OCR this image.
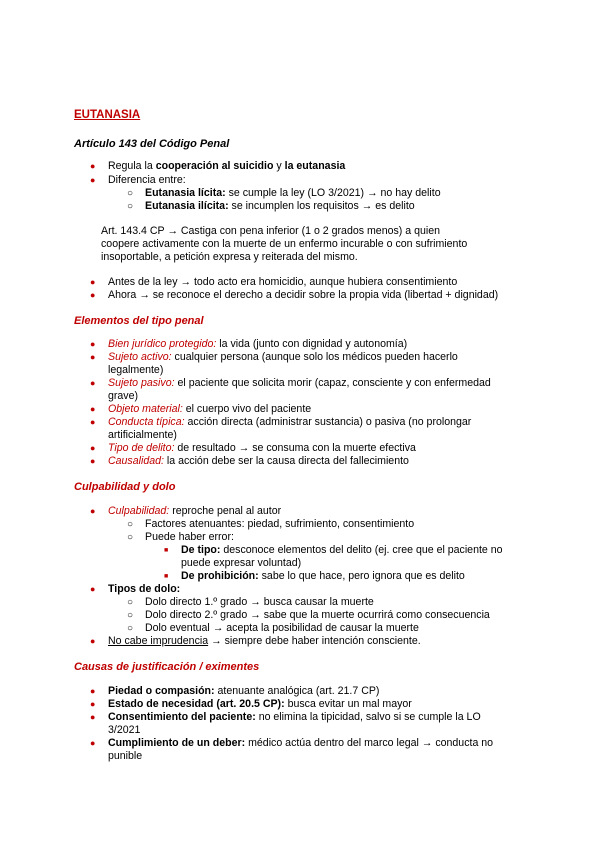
EUTANASIA
Artículo 143 del Código Penal
● Regula la cooperación al suicidio y la eutanasia
● Diferencia entre:
○ Eutanasia lícita: se cumple la ley (LO 3/2021) → no hay delito
○ Eutanasia ilícita: se incumplen los requisitos → es delito
Art. 143.4 CP → Castiga con pena inferior (1 o 2 grados menos) a quien
coopere activamente con la muerte de un enfermo incurable o con sufrimiento
insoportable, a petición expresa y reiterada del mismo.
● Antes de la ley → todo acto era homicidio, aunque hubiera consentimiento
● Ahora → se reconoce el derecho a decidir sobre la propia vida (libertad + dignidad)
Elementos del tipo penal
● Bien jurídico protegido: la vida (junto con dignidad y autonomía)
● Sujeto activo: cualquier persona (aunque solo los médicos pueden hacerlo
legalmente)
● Sujeto pasivo: el paciente que solicita morir (capaz, consciente y con enfermedad
grave)
● Objeto material: el cuerpo vivo del paciente
● Conducta típica: acción directa (administrar sustancia) o pasiva (no prolongar
artificialmente)
● Tipo de delito: de resultado → se consuma con la muerte efectiva
● Causalidad: la acción debe ser la causa directa del fallecimiento
Culpabilidad y dolo
● Culpabilidad: reproche penal al autor
○ Factores atenuantes: piedad, sufrimiento, consentimiento
○ Puede haber error:
■ De tipo: desconoce elementos del delito (ej. cree que el paciente no
puede expresar voluntad)
■ De prohibición: sabe lo que hace, pero ignora que es delito
● Tipos de dolo:
○ Dolo directo 1.º grado → busca causar la muerte
○ Dolo directo 2.º grado → sabe que la muerte ocurrirá como consecuencia
○ Dolo eventual → acepta la posibilidad de causar la muerte
● No cabe imprudencia → siempre debe haber intención consciente.
Causas de justificación / eximentes
● Piedad o compasión: atenuante analógica (art. 21.7 CP)
● Estado de necesidad (art. 20.5 CP): busca evitar un mal mayor
● Consentimiento del paciente: no elimina la tipicidad, salvo si se cumple la LO
3/2021
● Cumplimiento de un deber: médico actúa dentro del marco legal → conducta no
punible
